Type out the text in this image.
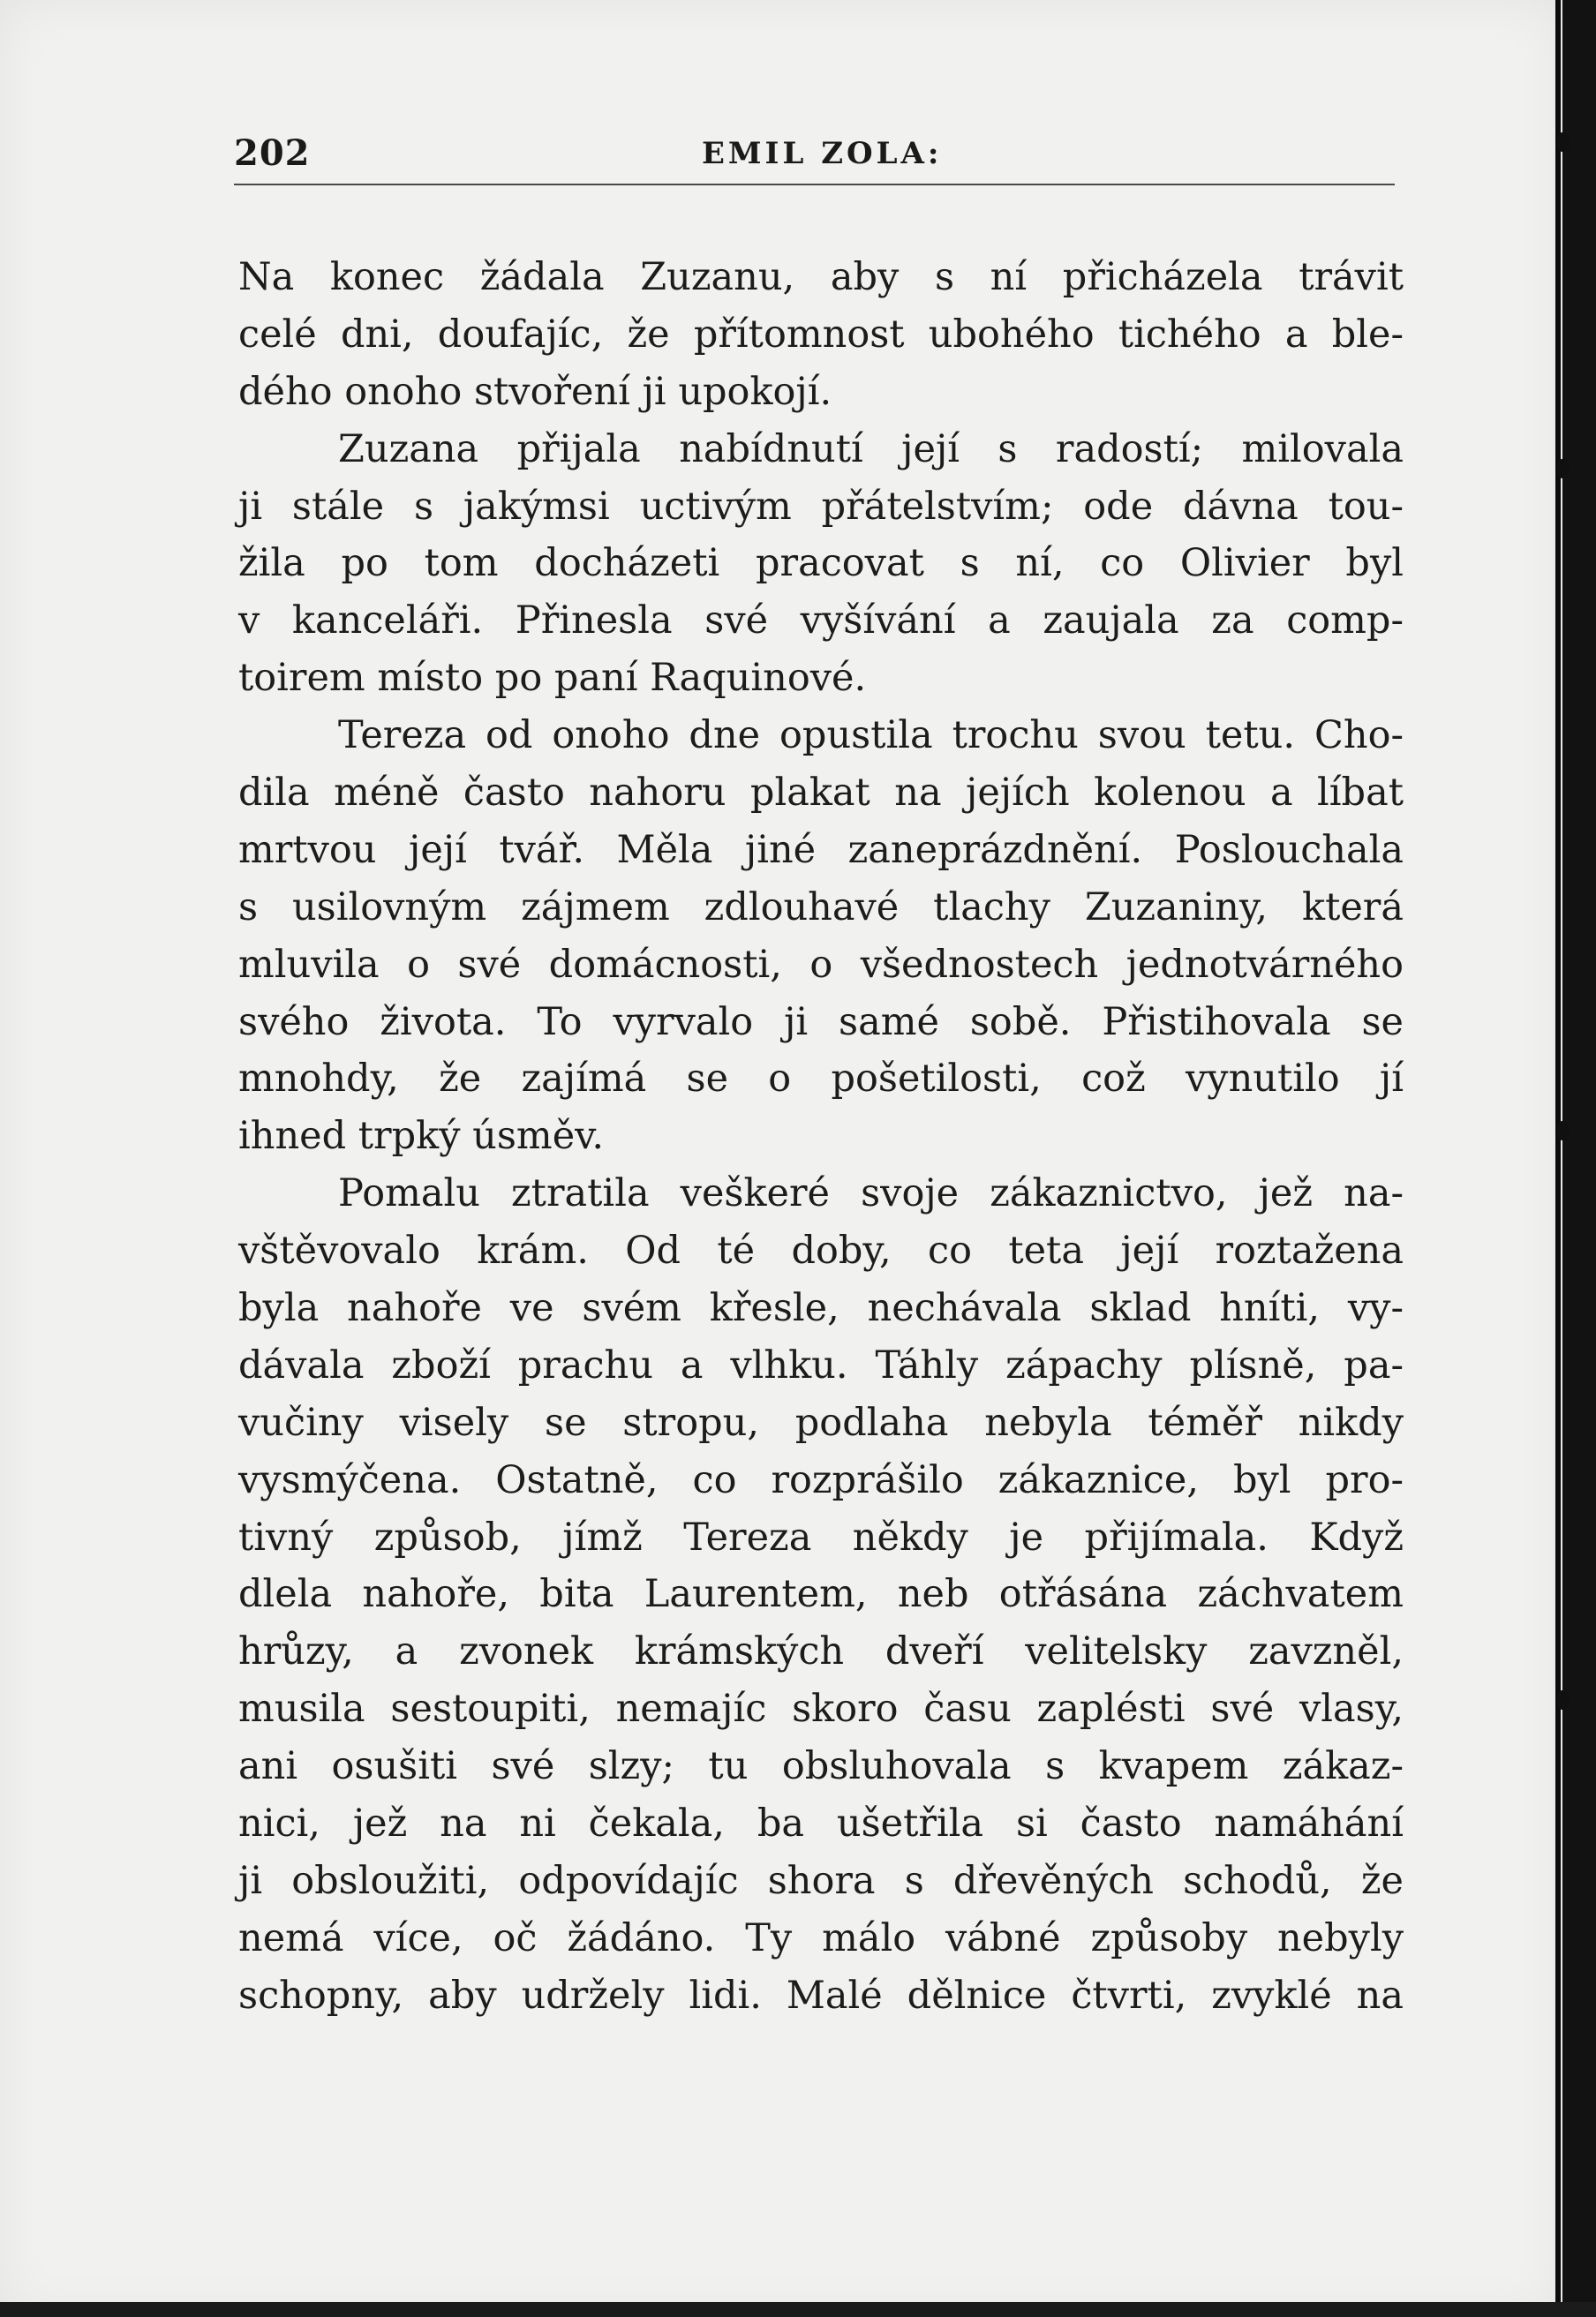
202	EMIL ZOLA:
Na konec žádala Zuzanu, aby s ní přicházela trávit
celé dni, doufajíc, že přítomnost ubohého tichého a ble-
dého onoho stvoření ji upokojí.
Zuzana přijala nabídnutí její s radostí; milovala
ji stále s jakýmsi uctivým přátelstvím; ode dávna tou-
žila po tom docházeti pracovat s ní, co Olivier byl
v kanceláři. Přinesla své vyšívání a zaujala za comp-
toirem místo po paní Raquinové.
Tereza od onoho dne opustila trochu svou tetu. Cho-
dila méně často nahoru plakat na jejích kolenou a líbat
mrtvou její tvář. Měla jiné zaneprázdnění. Poslouchala
s usilovným zájmem zdlouhavé tlachy Zuzaniny, která
mluvila o své domácnosti, o všednostech jednotvárného
svého života. To vyrvalo ji samé sobě. Přistihovala se
mnohdy, že zajímá se o pošetilosti, což vynutilo jí
ihned trpký úsměv.
Pomalu ztratila veškeré svoje zákaznictvo, jež na-
vštěvovalo krám. Od té doby, co teta její roztažena
byla nahoře ve svém křesle, nechávala sklad hníti, vy-
dávala zboží prachu a vlhku. Táhly zápachy plísně, pa-
vučiny visely se stropu, podlaha nebyla téměř nikdy
vysmýčena. Ostatně, co rozprášilo zákaznice, byl pro-
tivný způsob, jímž Tereza někdy je přijímala. Když
dlela nahoře, bita Laurentem, neb otřásána záchvatem
hrůzy, a zvonek krámských dveří velitelsky zavzněl,
musila sestoupiti, nemajíc skoro času zaplésti své vlasy,
ani osušiti své slzy; tu obsluhovala s kvapem zákaz-
nici, jež na ni čekala, ba ušetřila si často namáhání
ji obsloužiti, odpovídajíc shora s dřevěných schodů, že
nemá více, oč žádáno. Ty málo vábné způsoby nebyly
schopny, aby udržely lidi. Malé dělnice čtvrti, zvyklé na
